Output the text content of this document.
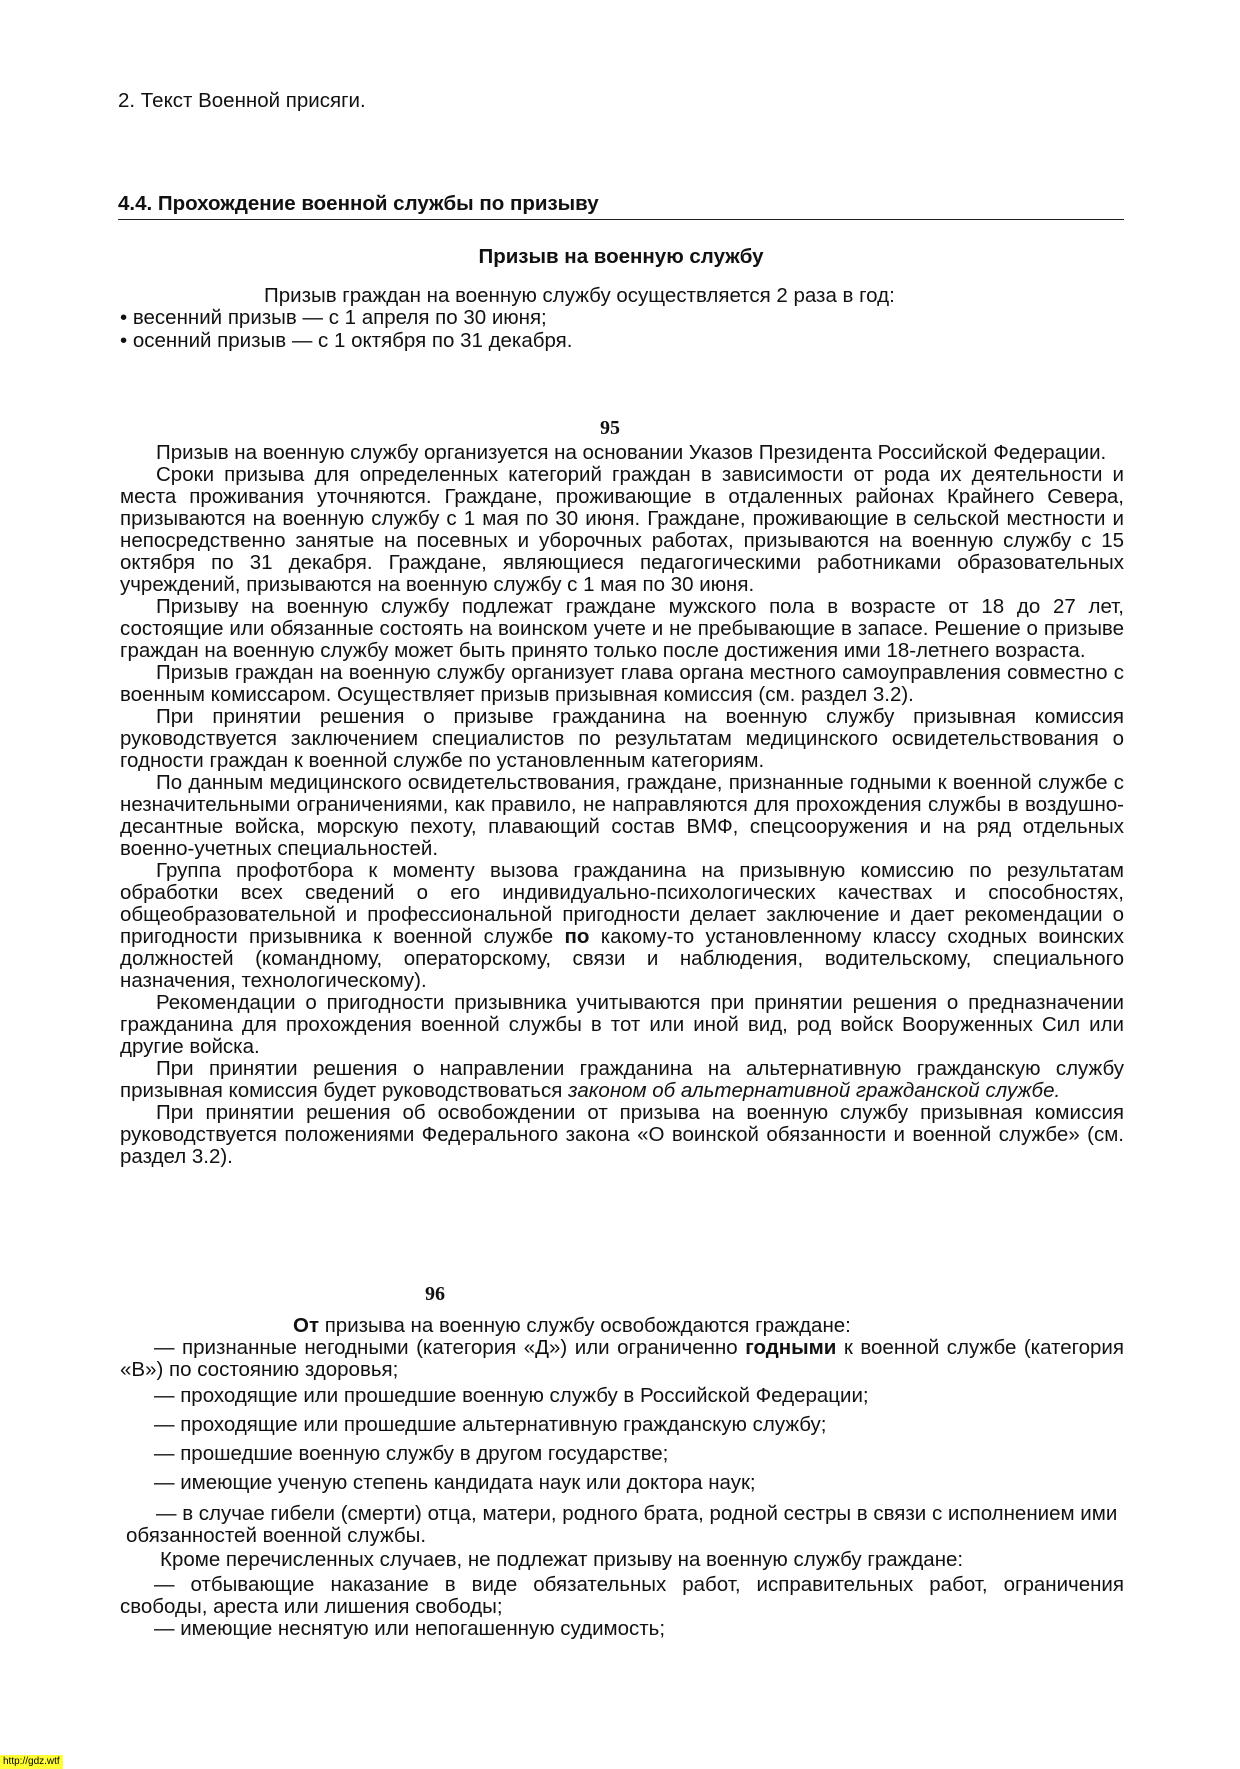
2. Текст Военной присяги.
4.4. Прохождение военной службы по призыву
Призыв на военную службу
Призыв граждан на военную службу осуществляется 2 раза в год:
• весенний призыв — с 1 апреля по 30 июня;
• осенний призыв — с 1 октября по 31 декабря.
95

Призыв на военную службу организуется на основании Указов Президента Российской Федерации.

Сроки призыва для определенных категорий граждан в зависимости от рода их деятельности и места проживания уточняются. Граждане, проживающие в отдаленных районах Крайнего Севера, призываются на военную службу с 1 мая по 30 июня. Граждане, проживающие в сельской местности и непосредственно занятые на посевных и уборочных работах, призываются на военную службу с 15 октября по 31 декабря. Граждане, являющиеся педагогическими работниками образовательных учреждений, призываются на военную службу с 1 мая по 30 июня.

Призыву на военную службу подлежат граждане мужского пола в возрасте от 18 до 27 лет, состоящие или обязанные состоять на воинском учете и не пребывающие в запасе. Решение о призыве граждан на военную службу может быть принято только после достижения ими 18-летнего возраста.

Призыв граждан на военную службу организует глава органа местного самоуправления совместно с военным комиссаром. Осуществляет призыв призывная комиссия (см. раздел 3.2).

При принятии решения о призыве гражданина на военную службу призывная комиссия руководствуется заключением специалистов по результатам медицинского освидетельствования о годности граждан к военной службе по установленным категориям.

По данным медицинского освидетельствования, граждане, признанные годными к военной службе с незначительными ограничениями, как правило, не направляются для прохождения службы в воздушно-десантные войска, морскую пехоту, плавающий состав ВМФ, спецсооружения и на ряд отдельных военно-учетных специальностей.

Группа профотбора к моменту вызова гражданина на призывную комиссию по результатам обработки всех сведений о его индивидуально-психологических качествах и способностях, общеобразовательной и профессиональной пригодности делает заключение и дает рекомендации о пригодности призывника к военной службе по какому-то установленному классу сходных воинских должностей (командному, операторскому, связи и наблюдения, водительскому, специального назначения, технологическому).

Рекомендации о пригодности призывника учитываются при принятии решения о предназначении гражданина для прохождения военной службы в тот или иной вид, род войск Вооруженных Сил или другие войска.

При принятии решения о направлении гражданина на альтернативную гражданскую службу призывная комиссия будет руководствоваться законом об альтернативной гражданской службе.

При принятии решения об освобождении от призыва на военную службу призывная комиссия руководствуется положениями Федерального закона «О воинской обязанности и военной службе» (см. раздел 3.2).

96
От призыва на военную службу освобождаются граждане:
— признанные негодными (категория «Д») или ограниченно годными к военной службе (категория «В») по состоянию здоровья;
— проходящие или прошедшие военную службу в Российской Федерации;
— проходящие или прошедшие альтернативную гражданскую службу;
— прошедшие военную службу в другом государстве;
— имеющие ученую степень кандидата наук или доктора наук;
— в случае гибели (смерти) отца, матери, родного брата, родной сестры в связи с исполнением ими обязанностей военной службы.
Кроме перечисленных случаев, не подлежат призыву на военную службу граждане:
— отбывающие наказание в виде обязательных работ, исправительных работ, ограничения свободы, ареста или лишения свободы;
— имеющие неснятую или непогашенную судимость;
http://gdz.wtf
